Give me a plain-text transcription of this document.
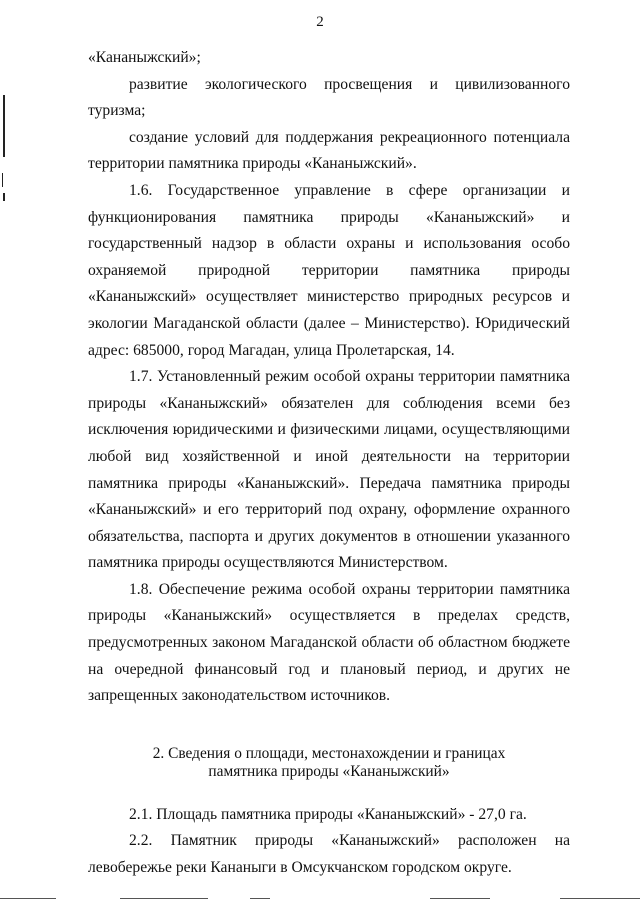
2

«Кананыжский»;

развитие экологического просвещения и цивилизованного туризма;

создание условий для поддержания рекреационного потенциала территории памятника природы «Кананыжский».

1.6. Государственное управление в сфере организации и функционирования памятника природы «Кананыжский» и государственный надзор в области охраны и использования особо охраняемой природной территории памятника природы «Кананыжский» осуществляет министерство природных ресурсов и экологии Магаданской области (далее – Министерство). Юридический адрес: 685000, город Магадан, улица Пролетарская, 14.

1.7. Установленный режим особой охраны территории памятника природы «Кананыжский» обязателен для соблюдения всеми без исключения юридическими и физическими лицами, осуществляющими любой вид хозяйственной и иной деятельности на территории памятника природы «Кананыжский». Передача памятника природы «Кананыжский» и его территорий под охрану, оформление охранного обязательства, паспорта и других документов в отношении указанного памятника природы осуществляются Министерством.

1.8. Обеспечение режима особой охраны территории памятника природы «Кананыжский» осуществляется в пределах средств, предусмотренных законом Магаданской области об областном бюджете на очередной финансовый год и плановый период, и других не запрещенных законодательством источников.

2. Сведения о площади, местонахождении и границах
памятника природы «Кананыжский»

2.1. Площадь памятника природы «Кананыжский» - 27,0 га.

2.2. Памятник природы «Кананыжский» расположен на левобережье реки Кананыги в Омсукчанском городском округе.
